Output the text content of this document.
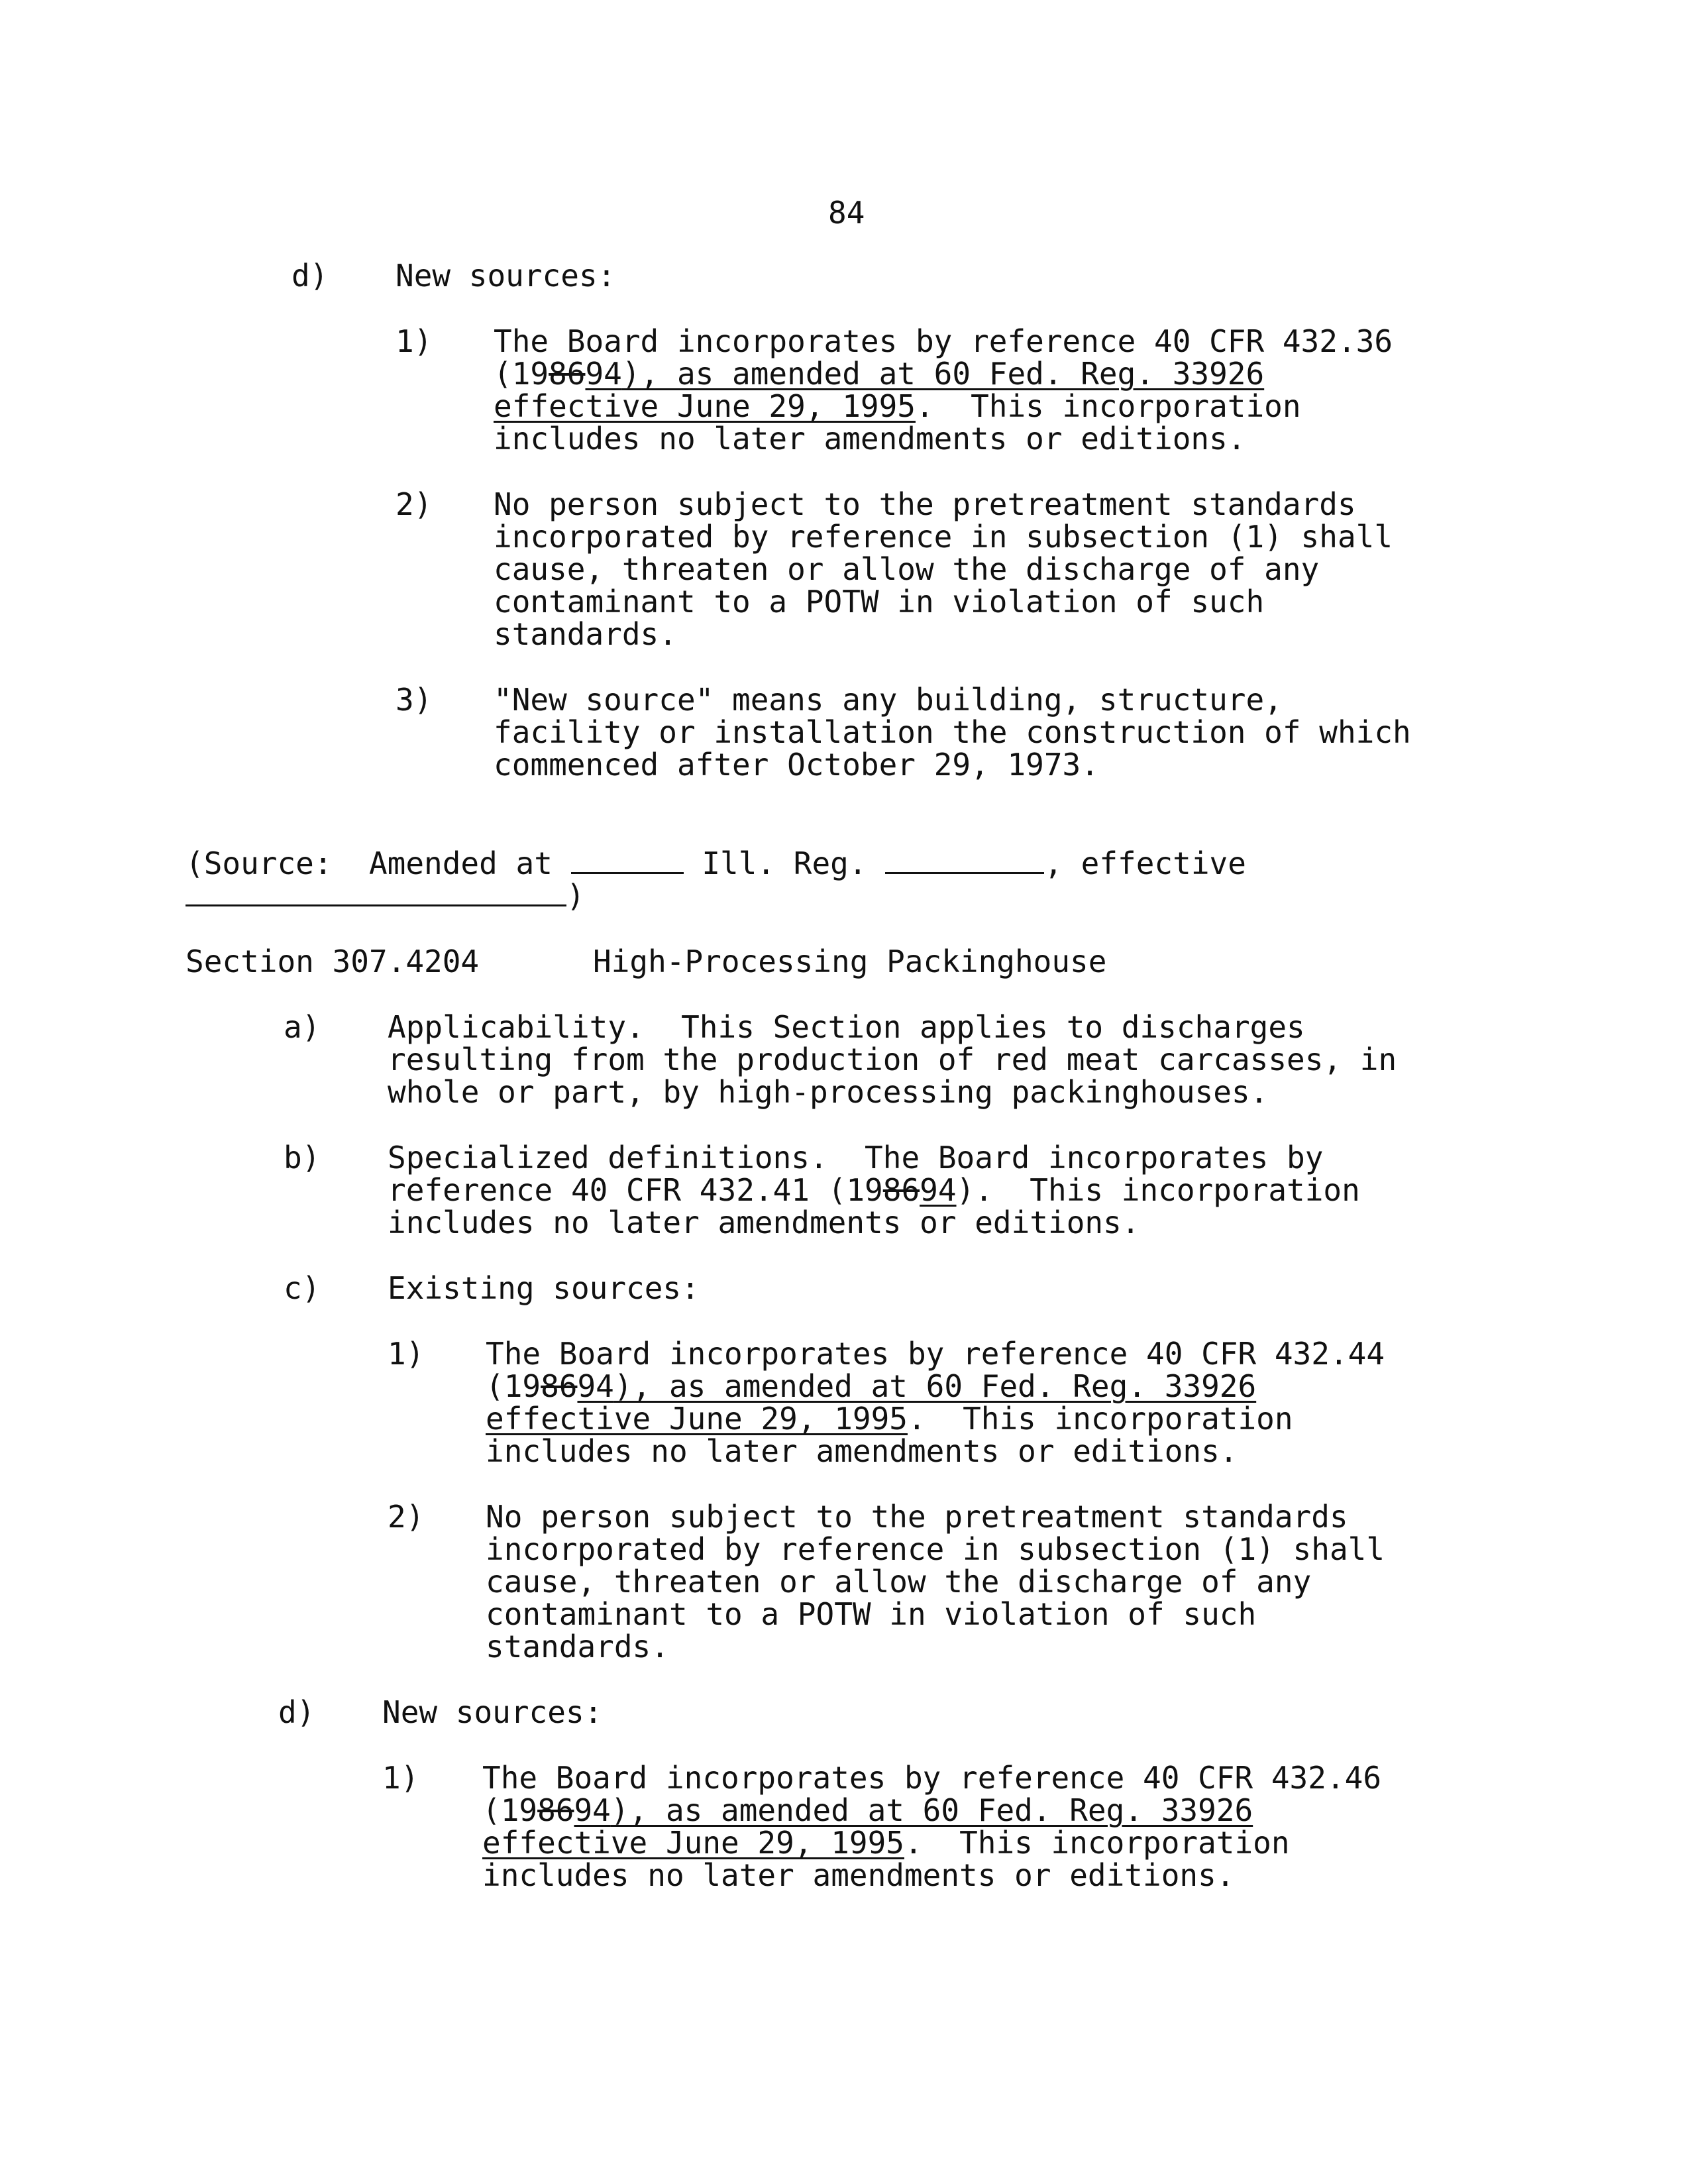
84
d) New sources:
1) The Board incorporates by reference 40 CFR 432.36
(198694), as amended at 60 Fed. Reg. 33926
effective June 29, 1995.  This incorporation
includes no later amendments or editions.
2) No person subject to the pretreatment standards
incorporated by reference in subsection (1) shall
cause, threaten or allow the discharge of any
contaminant to a POTW in violation of such
standards.
3) "New source" means any building, structure,
facility or installation the construction of which
commenced after October 29, 1973.
(Source: Amended at	Ill. Reg.	, effective
)
Section 307.4204	High-Processing Packinghouse
a) Applicability.  This Section applies to discharges
resulting from the production of red meat carcasses, in
whole or part, by high-processing packinghouses.
b) Specialized definitions.  The Board incorporates by
reference 40 CFR 432.41 (198694).  This incorporation
includes no later amendments or editions.
c) Existing sources:
1) The Board incorporates by reference 40 CFR 432.44
(198694), as amended at 60 Fed. Reg. 33926
effective June 29, 1995.  This incorporation
includes no later amendments or editions.
2) No person subject to the pretreatment standards
incorporated by reference in subsection (1) shall
cause, threaten or allow the discharge of any
contaminant to a POTW in violation of such
standards.
d) New sources:
1) The Board incorporates by reference 40 CFR 432.46
(198694), as amended at 60 Fed. Reg. 33926
effective June 29, 1995.  This incorporation
includes no later amendments or editions.
